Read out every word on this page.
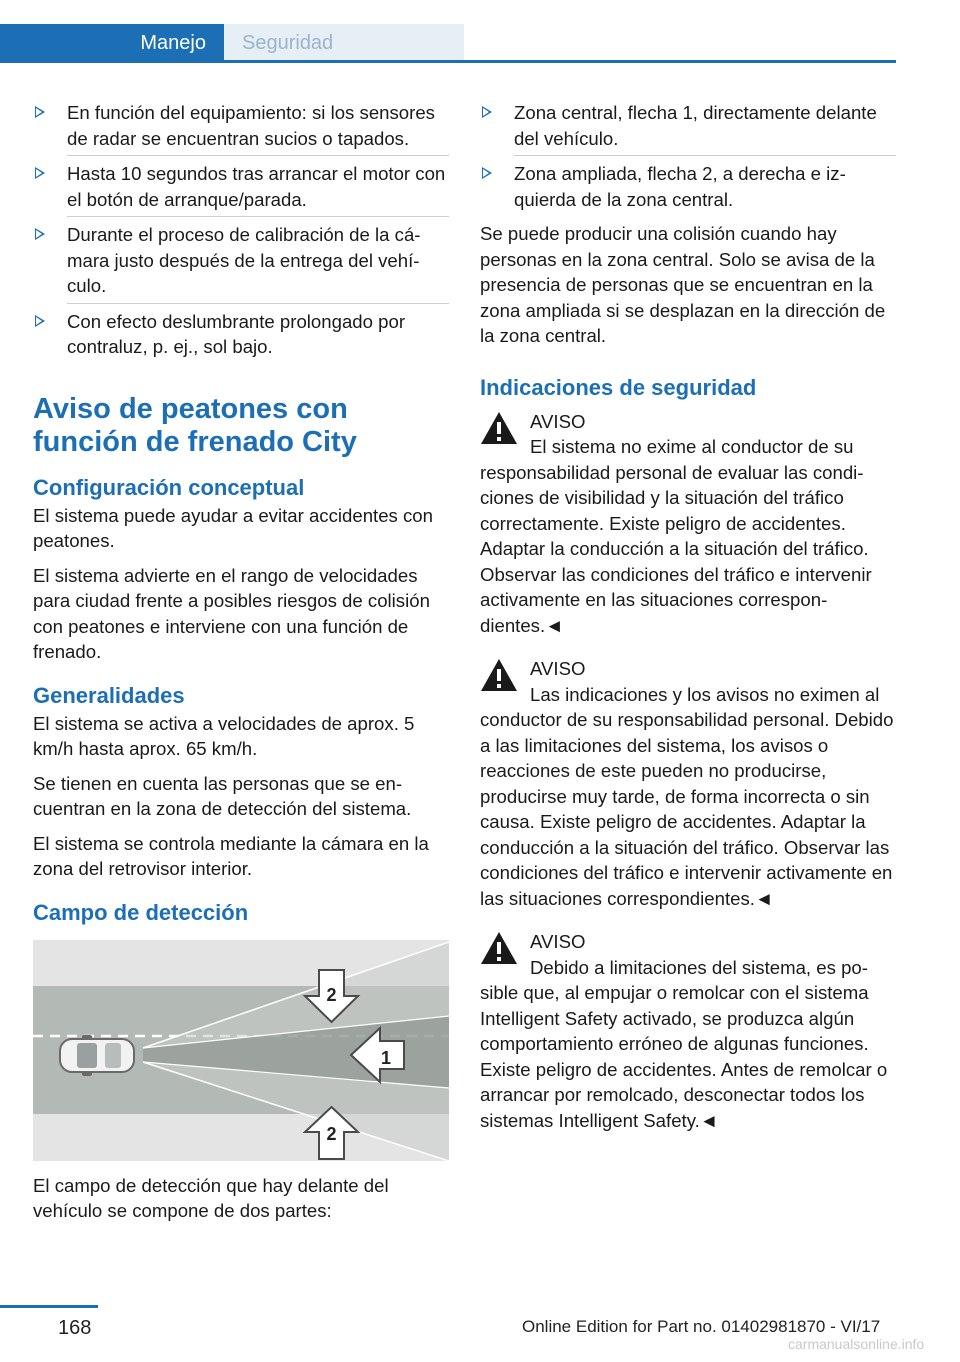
Manejo	Seguridad
En función del equipamiento: si los sensores de radar se encuentran sucios o tapados.
Hasta 10 segundos tras arrancar el motor con el botón de arranque/parada.
Durante el proceso de calibración de la cámara justo después de la entrega del vehículo.
Con efecto deslumbrante prolongado por contraluz, p. ej., sol bajo.
Aviso de peatones con función de frenado City
Configuración conceptual

El sistema puede ayudar a evitar accidentes con peatones.

El sistema advierte en el rango de velocidades para ciudad frente a posibles riesgos de colisión con peatones e interviene con una función de frenado.

Generalidades

El sistema se activa a velocidades de aprox. 5 km/h hasta aprox. 65 km/h.

Se tienen en cuenta las personas que se encuentran en la zona de detección del sistema.

El sistema se controla mediante la cámara en la zona del retrovisor interior.

Campo de detección
1
2
2

El campo de detección que hay delante del vehículo se compone de dos partes:

Zona central, flecha 1, directamente delante del vehículo.
Zona ampliada, flecha 2, a derecha e izquierda de la zona central.

Se puede producir una colisión cuando hay personas en la zona central. Solo se avisa de la presencia de personas que se encuentran en la zona ampliada si se desplazan en la dirección de la zona central.

Indicaciones de seguridad
AVISO
El sistema no exime al conductor de su responsabilidad personal de evaluar las condiciones de visibilidad y la situación del tráfico correctamente. Existe peligro de accidentes. Adaptar la conducción a la situación del tráfico. Observar las condiciones del tráfico e intervenir activamente en las situaciones correspondientes.◄
AVISO
Las indicaciones y los avisos no eximen al conductor de su responsabilidad personal. Debido a las limitaciones del sistema, los avisos o reacciones de este pueden no producirse, producirse muy tarde, de forma incorrecta o sin causa. Existe peligro de accidentes. Adaptar la conducción a la situación del tráfico. Observar las condiciones del tráfico e intervenir activamente en las situaciones correspondientes.◄
AVISO
Debido a limitaciones del sistema, es posible que, al empujar o remolcar con el sistema Intelligent Safety activado, se produzca algún comportamiento erróneo de algunas funciones. Existe peligro de accidentes. Antes de remolcar o arrancar por remolcado, desconectar todos los sistemas Intelligent Safety.◄
168	Online Edition for Part no. 01402981870 - VI/17
carmanualsonline.info
